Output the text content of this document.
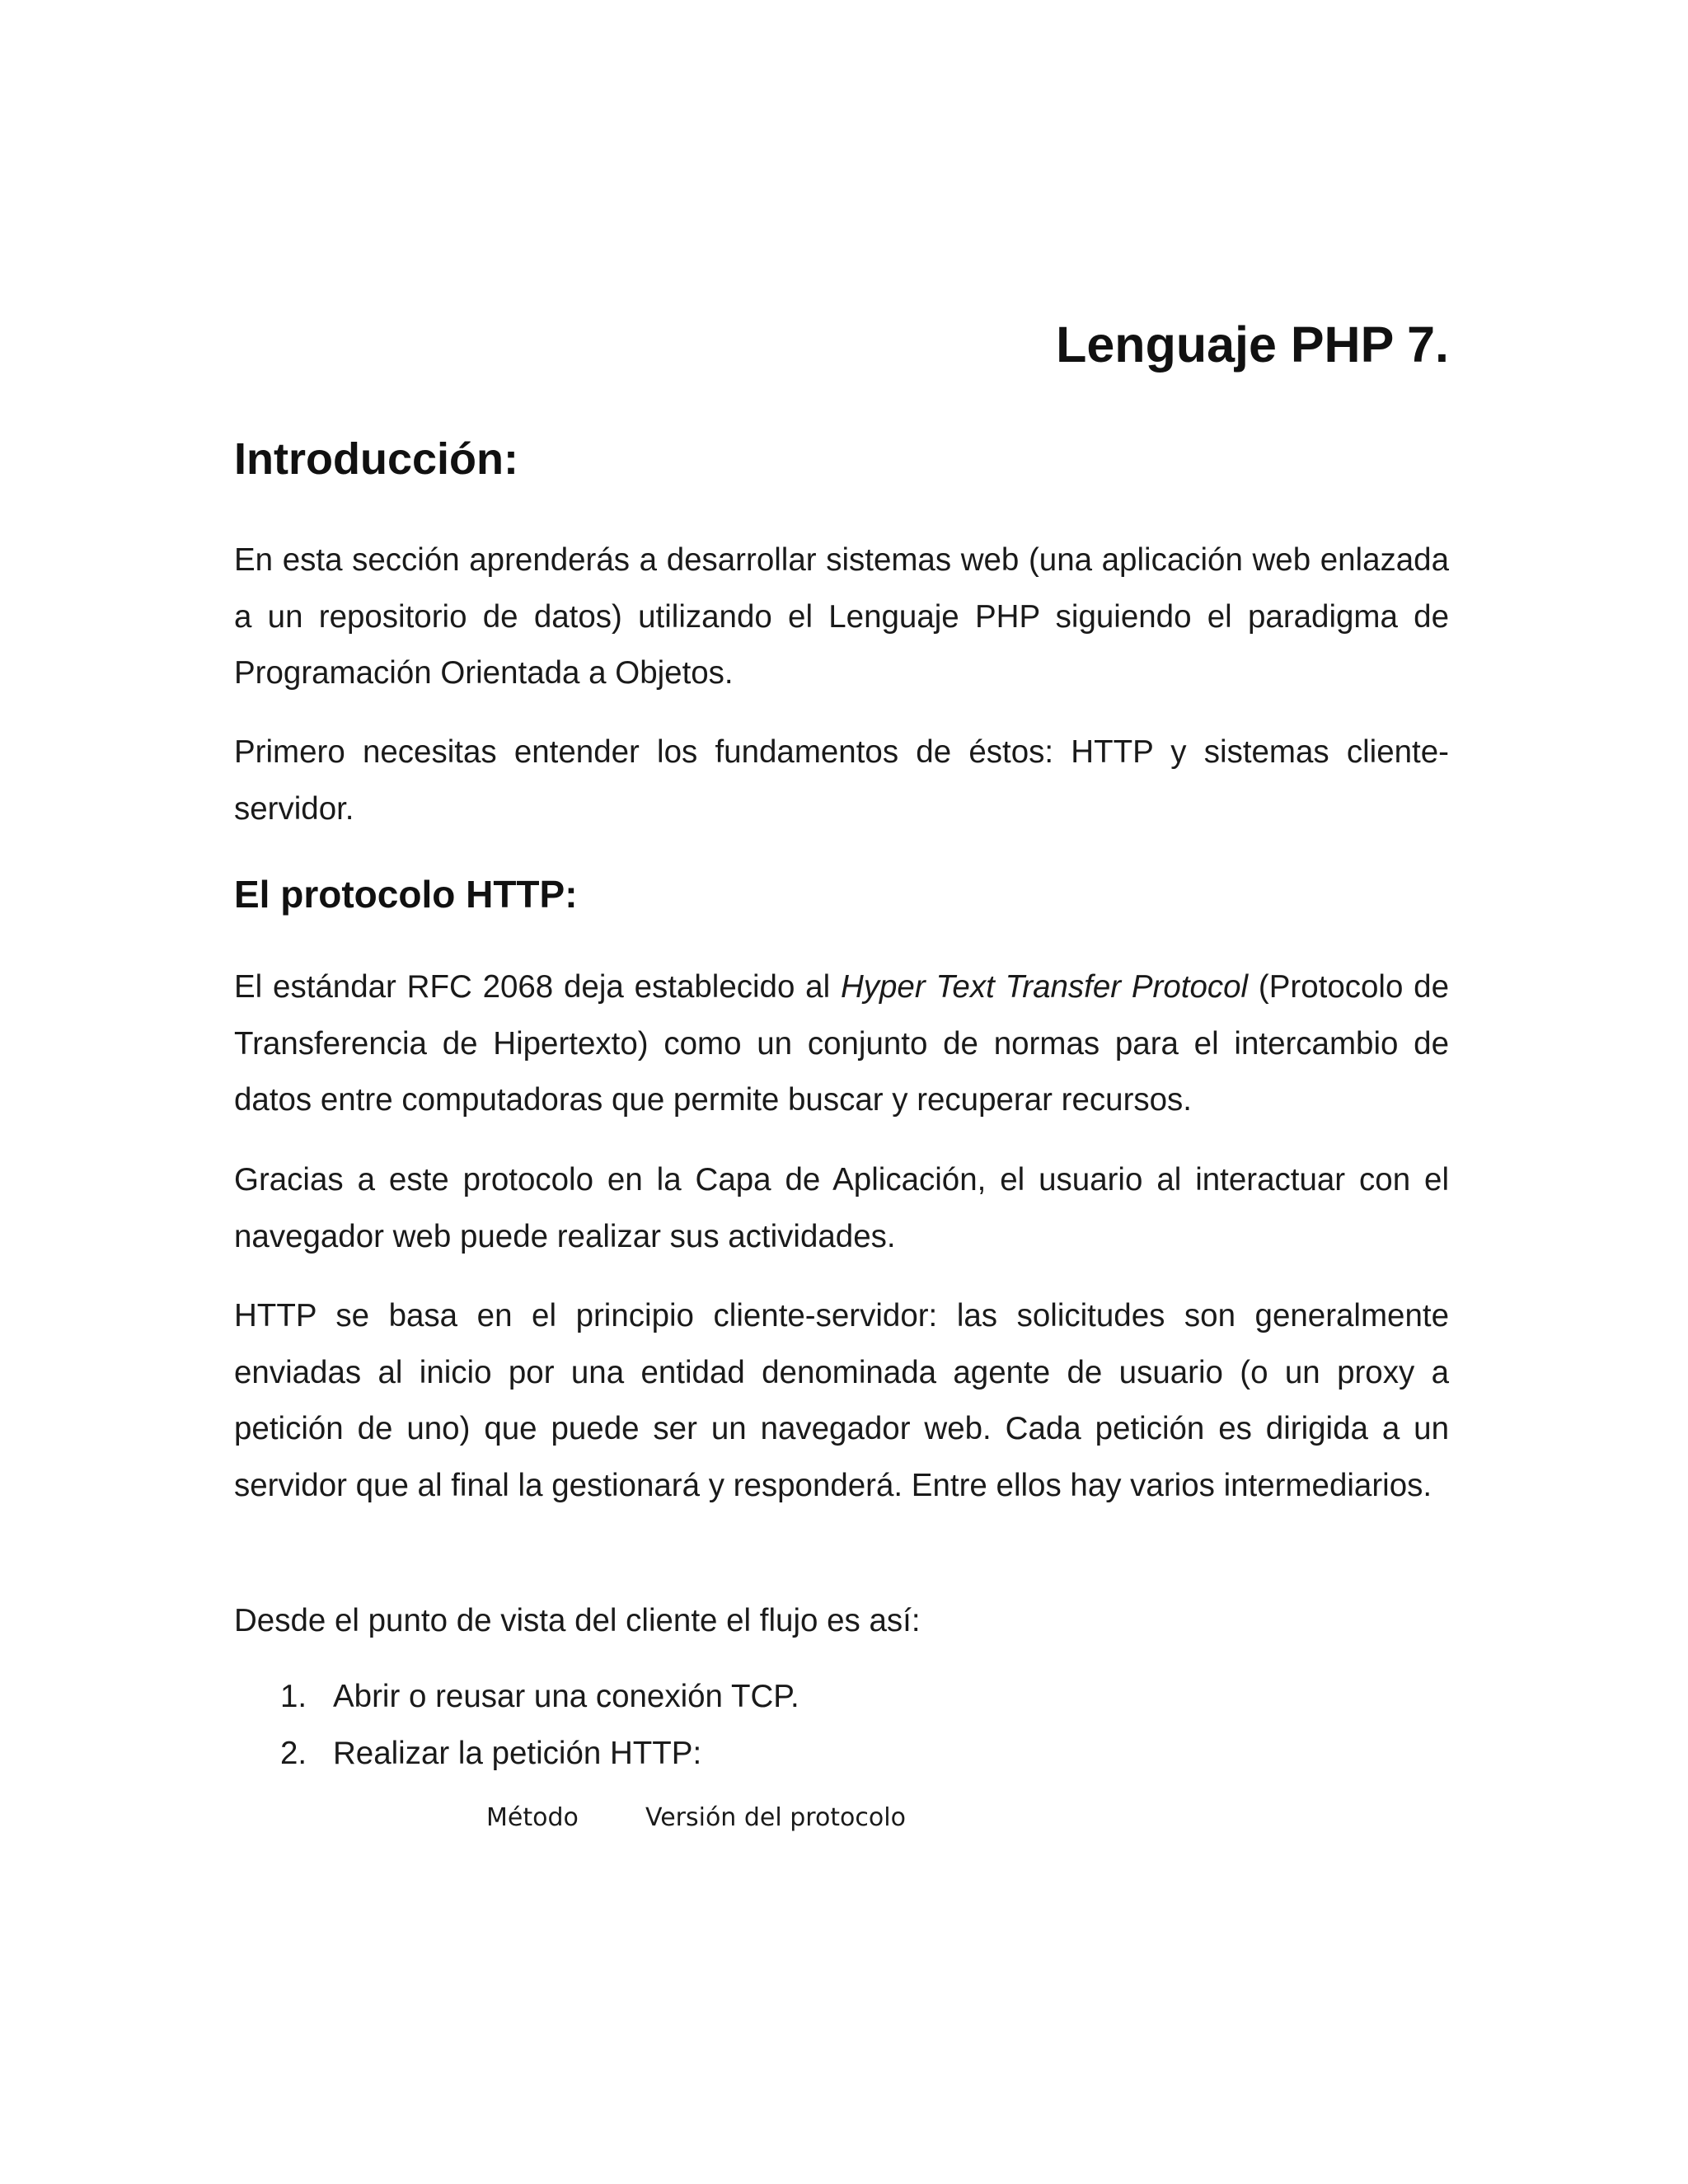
Lenguaje PHP 7.
Introducción:

En esta sección aprenderás a desarrollar sistemas web (una aplicación web enlazada a un repositorio de datos) utilizando el Lenguaje PHP siguiendo el paradigma de Programación Orientada a Objetos.

Primero necesitas entender los fundamentos de éstos: HTTP y sistemas cliente-servidor.

El protocolo HTTP:

El estándar RFC 2068 deja establecido al Hyper Text Transfer Protocol (Protocolo de Transferencia de Hipertexto) como un conjunto de normas para el intercambio de datos entre computadoras que permite buscar y recuperar recursos.

Gracias a este protocolo en la Capa de Aplicación, el usuario al interactuar con el navegador web puede realizar sus actividades.

HTTP se basa en el principio cliente-servidor: las solicitudes son generalmente enviadas al inicio por una entidad denominada agente de usuario (o un proxy a petición de uno) que puede ser un navegador web. Cada petición es dirigida a un servidor que al final la gestionará y responderá. Entre ellos hay varios intermediarios.

Desde el punto de vista del cliente el flujo es así:

1. Abrir o reusar una conexión TCP.
2. Realizar la petición HTTP:
Método	Versión del protocolo
